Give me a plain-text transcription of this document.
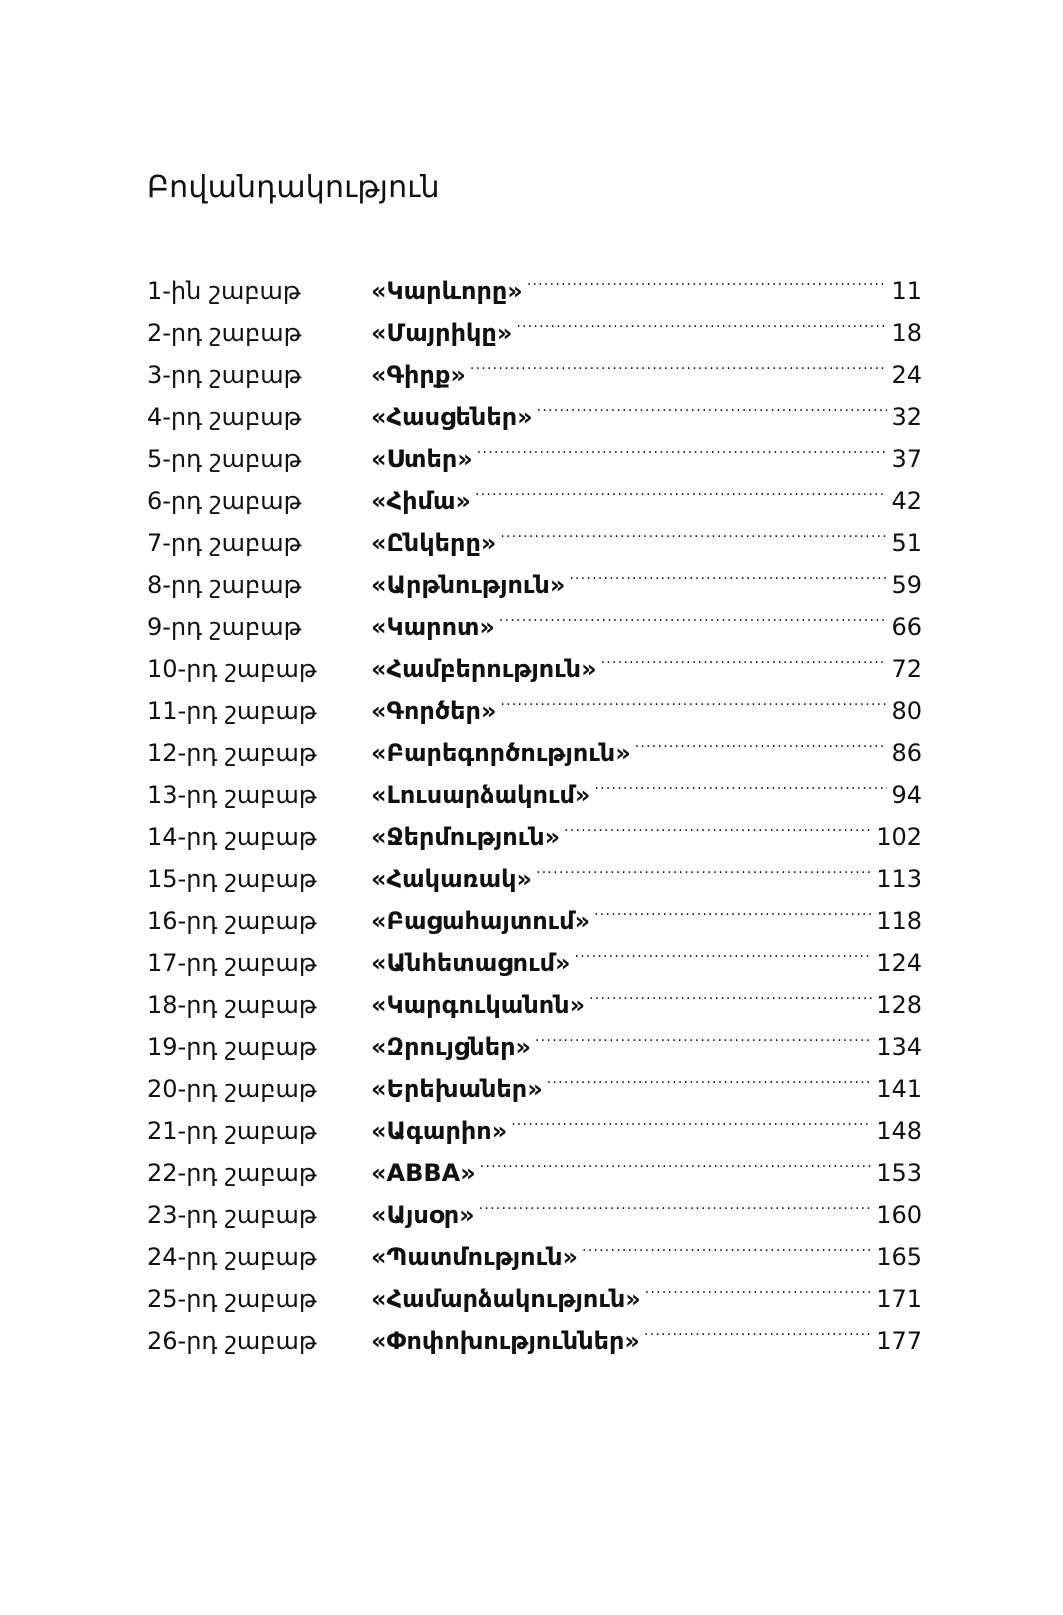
Բովանդակություն
1-ին շաբաթ	«Կարևորը» . . .	11
2-րդ շաբաթ	«Մայրիկը» . . .	18
3-րդ շաբաթ	«Գիրք» . . .	24
4-րդ շաբաթ	«Հասցեներ» . . .	32
5-րդ շաբաթ	«Ստեր» . . .	37
6-րդ շաբաթ	«Հիմա» . . .	42
7-րդ շաբաթ	«Ընկերը» . . .	51
8-րդ շաբաթ	«Արթնություն» . . .	59
9-րդ շաբաթ	«Կարոտ» . . .	66
10-րդ շաբաթ	«Համբերություն» . . .	72
11-րդ շաբաթ	«Գործեր» . . .	80
12-րդ շաբաթ	«Բարեգործություն» . . .	86
13-րդ շաբաթ	«Լուսարձակում» . . .	94
14-րդ շաբաթ	«Ջերմություն» . . .	102
15-րդ շաբաթ	«Հակառակ» . . .	113
16-րդ շաբաթ	«Բացահայտում» . . .	118
17-րդ շաբաթ	«Անհետացում» . . .	124
18-րդ շաբաթ	«Կարգուկանոն» . . .	128
19-րդ շաբաթ	«Զրույցներ» . . .	134
20-րդ շաբաթ	«Երեխաներ» . . .	141
21-րդ շաբաթ	«Ագարիո» . . .	148
22-րդ շաբաթ	«ABBA» . . .	153
23-րդ շաբաթ	«Այսօր» . . .	160
24-րդ շաբաթ	«Պատմություն» . . .	165
25-րդ շաբաթ	«Համարձակություն» . . .	171
26-րդ շաբաթ	«Փոփոխություններ» . . .	177
